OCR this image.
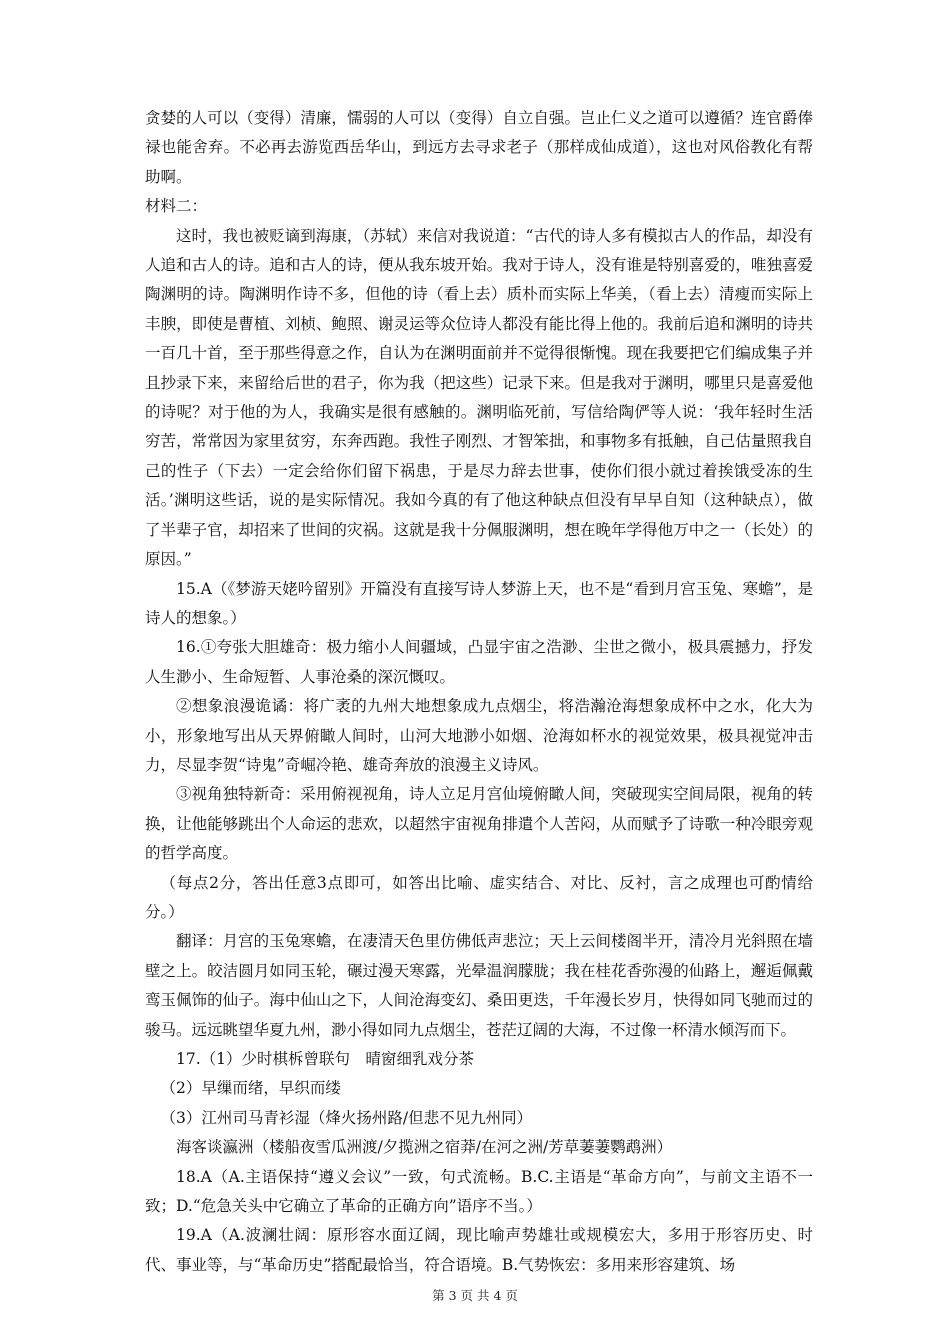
贪婪的人可以（变得）清廉，懦弱的人可以（变得）自立自强。岂止仁义之道可以遵循？连官爵俸禄也能舍弃。不必再去游览西岳华山，到远方去寻求老子（那样成仙成道），这也对风俗教化有帮助啊。

材料二：

这时，我也被贬谪到海康，（苏轼）来信对我说道：“古代的诗人多有模拟古人的作品，却没有人追和古人的诗。追和古人的诗，便从我东坡开始。我对于诗人，没有谁是特别喜爱的，唯独喜爱陶渊明的诗。陶渊明作诗不多，但他的诗（看上去）质朴而实际上华美，（看上去）清瘦而实际上丰腴，即使是曹植、刘桢、鲍照、谢灵运等众位诗人都没有能比得上他的。我前后追和渊明的诗共一百几十首，至于那些得意之作，自认为在渊明面前并不觉得很惭愧。现在我要把它们编成集子并且抄录下来，来留给后世的君子，你为我（把这些）记录下来。但是我对于渊明，哪里只是喜爱他的诗呢？对于他的为人，我确实是很有感触的。渊明临死前，写信给陶俨等人说：‘我年轻时生活穷苦，常常因为家里贫穷，东奔西跑。我性子刚烈、才智笨拙，和事物多有抵触，自己估量照我自己的性子（下去）一定会给你们留下祸患，于是尽力辞去世事，使你们很小就过着挨饿受冻的生活。’渊明这些话，说的是实际情况。我如今真的有了他这种缺点但没有早早自知（这种缺点），做了半辈子官，却招来了世间的灾祸。这就是我十分佩服渊明，想在晚年学得他万中之一（长处）的原因。”

15.A（《梦游天姥吟留别》开篇没有直接写诗人梦游上天，也不是“看到月宫玉兔、寒蟾”，是诗人的想象。）

16.①夸张大胆雄奇：极力缩小人间疆域，凸显宇宙之浩渺、尘世之微小，极具震撼力，抒发人生渺小、生命短暂、人事沧桑的深沉慨叹。

②想象浪漫诡谲：将广袤的九州大地想象成九点烟尘，将浩瀚沧海想象成杯中之水，化大为小，形象地写出从天界俯瞰人间时，山河大地渺小如烟、沧海如杯水的视觉效果，极具视觉冲击力，尽显李贺“诗鬼”奇崛冷艳、雄奇奔放的浪漫主义诗风。

③视角独特新奇：采用俯视视角，诗人立足月宫仙境俯瞰人间，突破现实空间局限，视角的转换，让他能够跳出个人命运的悲欢，以超然宇宙视角排遣个人苦闷，从而赋予了诗歌一种冷眼旁观的哲学高度。

（每点2分，答出任意3点即可，如答出比喻、虚实结合、对比、反衬，言之成理也可酌情给分。）

翻译：月宫的玉兔寒蟾，在凄清天色里仿佛低声悲泣；天上云间楼阁半开，清冷月光斜照在墙壁之上。皎洁圆月如同玉轮，碾过漫天寒露，光晕温润朦胧；我在桂花香弥漫的仙路上，邂逅佩戴鸾玉佩饰的仙子。海中仙山之下，人间沧海变幻、桑田更迭，千年漫长岁月，快得如同飞驰而过的骏马。远远眺望华夏九州，渺小得如同九点烟尘，苍茫辽阔的大海，不过像一杯清水倾泻而下。

17.（1）少时棋柝曾联句　晴窗细乳戏分茶

（2）早缫而绪，早织而缕

（3）江州司马青衫湿（烽火扬州路/但悲不见九州同）

海客谈瀛洲（楼船夜雪瓜洲渡/夕揽洲之宿莽/在河之洲/芳草萋萋鹦鹉洲）

18.A（A.主语保持“遵义会议”一致，句式流畅。B.C.主语是“革命方向”，与前文主语不一致；D.“危急关头中它确立了革命的正确方向”语序不当。）

19.A（A.波澜壮阔：原形容水面辽阔，现比喻声势雄壮或规模宏大，多用于形容历史、时代、事业等，与“革命历史”搭配最恰当，符合语境。B.气势恢宏：多用来形容建筑、场

第 3 页 共 4 页
